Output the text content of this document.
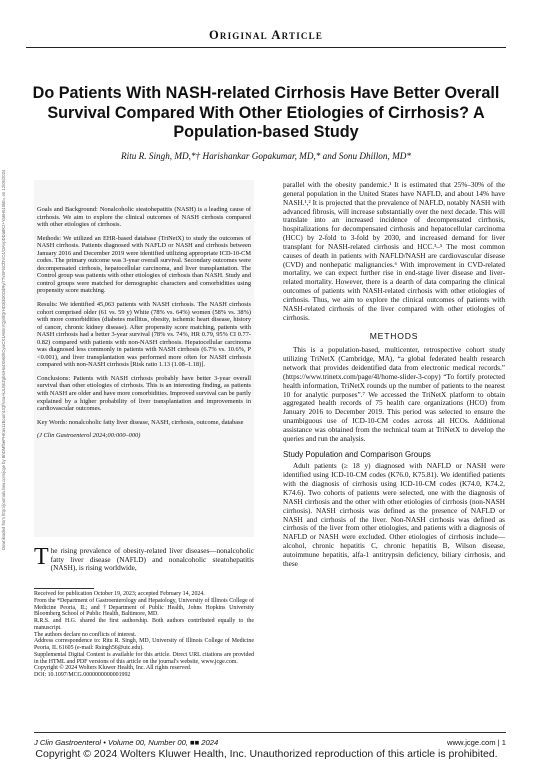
Downloaded from http://journals.lww.com/jcge by BhDMf5ePHKav1zEoum1tQfN4a+kJLhEZgbsIHo4XMi0hCywCX1AWnYQp/IlQrHD3i3D0OdRyi7TvSFl4Cf3VC4/OAVpDDa8K2+Ya6H515kE= on 12/05/2024
Original Article
Do Patients With NASH-related Cirrhosis Have Better Overall Survival Compared With Other Etiologies of Cirrhosis? A Population-based Study
Ritu R. Singh, MD,*† Harishankar Gopakumar, MD,* and Sonu Dhillon, MD*

Goals and Background: Nonalcoholic steatohepatitis (NASH) is a leading cause of cirrhosis. We aim to explore the clinical outcomes of NASH cirrhosis compared with other etiologies of cirrhosis.

Methods: We utilized an EHR-based database (TriNetX) to study the outcomes of NASH cirrhosis. Patients diagnosed with NAFLD or NASH and cirrhosis between January 2016 and December 2019 were identified utilizing appropriate ICD-10-CM codes. The primary outcome was 3-year overall survival. Secondary outcomes were decompensated cirrhosis, hepatocellular carcinoma, and liver transplantation. The Control group was patients with other etiologies of cirrhosis than NASH. Study and control groups were matched for demographic characters and comorbidities using propensity score matching.

Results: We identified 45,063 patients with NASH cirrhosis. The NASH cirrhosis cohort comprised older (61 vs. 59 y) White (78% vs. 64%) women (58% vs. 38%) with more comorbidities (diabetes mellitus, obesity, ischemic heart disease, history of cancer, chronic kidney disease). After propensity score matching, patients with NASH cirrhosis had a better 3-year survival (78% vs. 74%, HR 0.79, 95% CI 0.77-0.82) compared with patients with non-NASH cirrhosis. Hepatocellular carcinoma was diagnosed less commonly in patients with NASH cirrhosis (6.7% vs. 10.6%, P <0.001), and liver transplantation was performed more often for NASH cirrhosis compared with non-NASH cirrhosis [Risk ratio 1.13 (1.08–1.18)].

Conclusions: Patients with NASH cirrhosis probably have better 3-year overall survival than other etiologies of cirrhosis. This is an interesting finding, as patients with NASH are older and have more comorbidities. Improved survival can be partly explained by a higher probability of liver transplantation and improvements in cardiovascular outcomes.

Key Words: nonalcoholic fatty liver disease, NASH, cirrhosis, outcome, database

(J Clin Gastroenterol 2024;00:000–000)

The rising prevalence of obesity-related liver diseases—nonalcoholic fatty liver disease (NAFLD) and nonalcoholic steatohepatitis (NASH), is rising worldwide,
Received for publication October 19, 2023; accepted February 14, 2024.
From the *Department of Gastroenterology and Hepatology, University of Illinois College of Medicine Peoria, IL; and †Department of Public Health, Johns Hopkins University Bloomberg School of Public Health, Baltimore, MD.
R.R.S. and H.G. shared the first authorship. Both authors contributed equally to the manuscript.
The authors declare no conflicts of interest.
Address correspondence to: Ritu R. Singh, MD, University of Illinois College of Medicine Peoria, IL 61605 (e-mail: Rsingh56@uic.edu).
Supplemental Digital Content is available for this article. Direct URL citations are provided in the HTML and PDF versions of this article on the journal's website, www.jcge.com.
Copyright © 2024 Wolters Kluwer Health, Inc. All rights reserved.
DOI: 10.1097/MCG.0000000000001992

parallel with the obesity pandemic.¹ It is estimated that 25%–30% of the general population in the United States have NAFLD, and about 14% have NASH.¹,² It is projected that the prevalence of NAFLD, notably NASH with advanced fibrosis, will increase substantially over the next decade. This will translate into an increased incidence of decompensated cirrhosis, hospitalizations for decompensated cirrhosis and hepatocellular carcinoma (HCC) by 2-fold to 3-fold by 2030, and increased demand for liver transplant for NASH-related cirrhosis and HCC.³–⁵ The most common causes of death in patients with NAFLD/NASH are cardiovascular disease (CVD) and nonhepatic malignancies.⁶ With improvement in CVD-related mortality, we can expect further rise in end-stage liver disease and liver-related mortality. However, there is a dearth of data comparing the clinical outcomes of patients with NASH-related cirrhosis with other etiologies of cirrhosis. Thus, we aim to explore the clinical outcomes of patients with NASH-related cirrhosis of the liver compared with other etiologies of cirrhosis.

METHODS

This is a population-based, multicenter, retrospective cohort study utilizing TriNetX (Cambridge, MA), “a global federated health research network that provides deidentified data from electronic medical records.” (https://www.trinetx.com/page/4l/home-slider-3-copy) “To fortify protected health information, TriNetX rounds up the number of patients to the nearest 10 for analytic purposes”.⁷ We accessed the TriNetX platform to obtain aggregated health records of 75 health care organizations (HCO) from January 2016 to December 2019. This period was selected to ensure the unambiguous use of ICD-10-CM codes across all HCOs. Additional assistance was obtained from the technical team at TriNetX to develop the queries and run the analysis.

Study Population and Comparison Groups

Adult patients (≥ 18 y) diagnosed with NAFLD or NASH were identified using ICD-10-CM codes (K76.0, K75.81). We identified patients with the diagnosis of cirrhosis using ICD-10-CM codes (K74.0, K74.2, K74.6). Two cohorts of patients were selected, one with the diagnosis of NASH cirrhosis and the other with other etiologies of cirrhosis (non-NASH cirrhosis). NASH cirrhosis was defined as the presence of NAFLD or NASH and cirrhosis of the liver. Non-NASH cirrhosis was defined as cirrhosis of the liver from other etiologies, and patients with a diagnosis of NAFLD or NASH were excluded. Other etiologies of cirrhosis include—alcohol, chronic hepatitis C, chronic hepatitis B, Wilson disease, autoimmune hepatitis, alfa-1 antitrypsin deficiency, biliary cirrhosis, and these

J Clin Gastroenterol • Volume 00, Number 00, ■■ 2024	www.jcge.com | 1
Copyright © 2024 Wolters Kluwer Health, Inc. Unauthorized reproduction of this article is prohibited.
